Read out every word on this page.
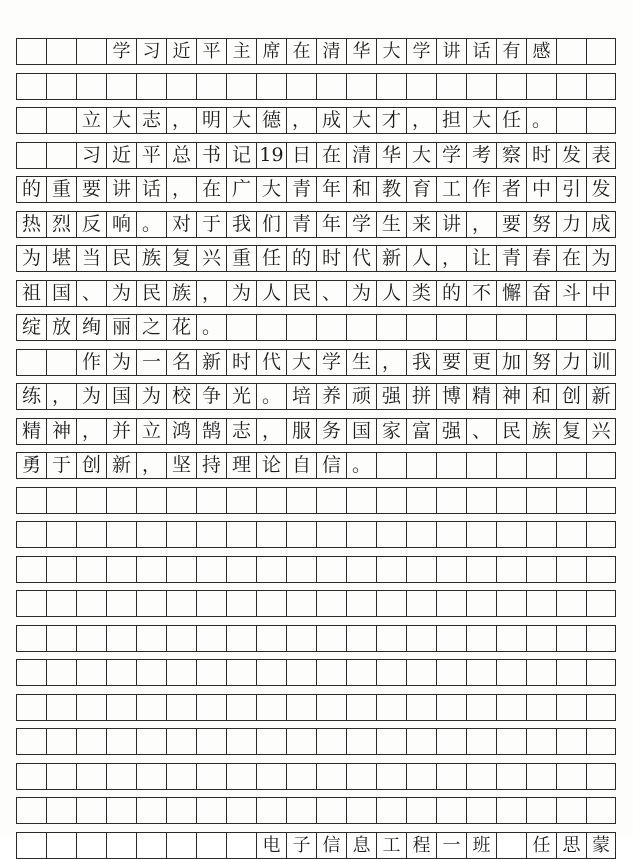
学 习 近 平 主 席 在 清 华 大 学 讲 话 有 感
立 大 志 ， 明 大 德 ， 成 大 才 ， 担 大 任 。
习 近 平 总 书 记 19 日 在 清 华 大 学 考 察 时 发 表
的 重 要 讲 话 ， 在 广 大 青 年 和 教 育 工 作 者 中 引 发
热 烈 反 响 。 对 于 我 们 青 年 学 生 来 讲 ， 要 努 力 成
为 堪 当 民 族 复 兴 重 任 的 时 代 新 人 ， 让 青 春 在 为
祖 国 、 为 民 族 ， 为 人 民 、 为 人 类 的 不 懈 奋 斗 中
绽 放 绚 丽 之 花 。
作 为 一 名 新 时 代 大 学 生 ， 我 要 更 加 努 力 训
练 ， 为 国 为 校 争 光 。 培 养 顽 强 拼 博 精 神 和 创 新
精 神 ， 并 立 鸿 鹄 志 ， 服 务 国 家 富 强 、 民 族 复 兴
勇 于 创 新 ， 坚 持 理 论 自 信 。
电 子 信 息 工 程 一 班	任 思 蒙
